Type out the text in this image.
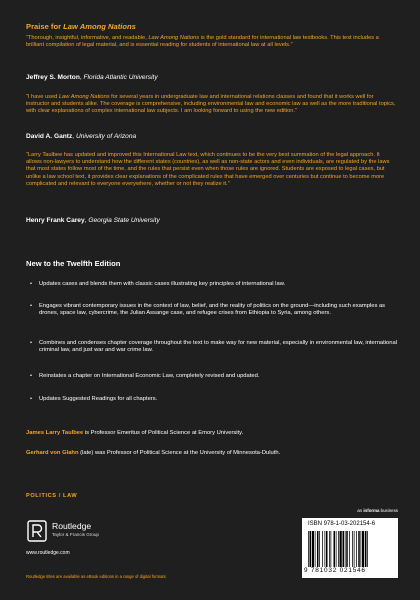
Praise for Law Among Nations
“Thorough, insightful, informative, and readable, Law Among Nations is the gold standard for international law textbooks. This text includes a brilliant compilation of legal material, and is essential reading for students of international law at all levels.”
Jeffrey S. Morton, Florida Atlantic University
“I have used Law Among Nations for several years in undergraduate law and international relations classes and found that it works well for instructor and students alike. The coverage is comprehensive, including environmental law and economic law as well as the more traditional topics, with clear explanations of complex international law subjects. I am looking forward to using the new edition.”
David A. Gantz, University of Arizona
“Larry Taulbee has updated and improved this International Law text, which continues to be the very best summation of the legal approach. It allows non-lawyers to understand how the different states (countries), as well as non-state actors and even individuals, are regulated by the laws that most states follow most of the time, and the rules that persist even when those rules are ignored. Students are exposed to legal cases, but unlike a law school text, it provides clear explanations of the complicated rules that have emerged over centuries but continue to become more complicated and relevant to everyone everywhere, whether or not they realize it.”
Henry Frank Carey, Georgia State University
New to the Twelfth Edition
• Updates cases and blends them with classic cases illustrating key principles of international law.
• Engages vibrant contemporary issues in the context of law, belief, and the reality of politics on the ground—including such examples as drones, space law, cybercrime, the Julian Assange case, and refugee crises from Ethiopia to Syria, among others.
• Combines and condenses chapter coverage throughout the text to make way for new material, especially in environmental law, international criminal law, and just war and war crime law.
• Reinstates a chapter on International Economic Law, completely revised and updated.
• Updates Suggested Readings for all chapters.
James Larry Taulbee is Professor Emeritus of Political Science at Emory University.
Gerhard von Glahn (late) was Professor of Political Science at the University of Minnesota-Duluth.
POLITICS / LAW
Routledge
Taylor & Francis Group
www.routledge.com
Routledge titles are available as eBook editions in a range of digital formats
an informa business
ISBN 978-1-03-202154-6
9 781032 021546
